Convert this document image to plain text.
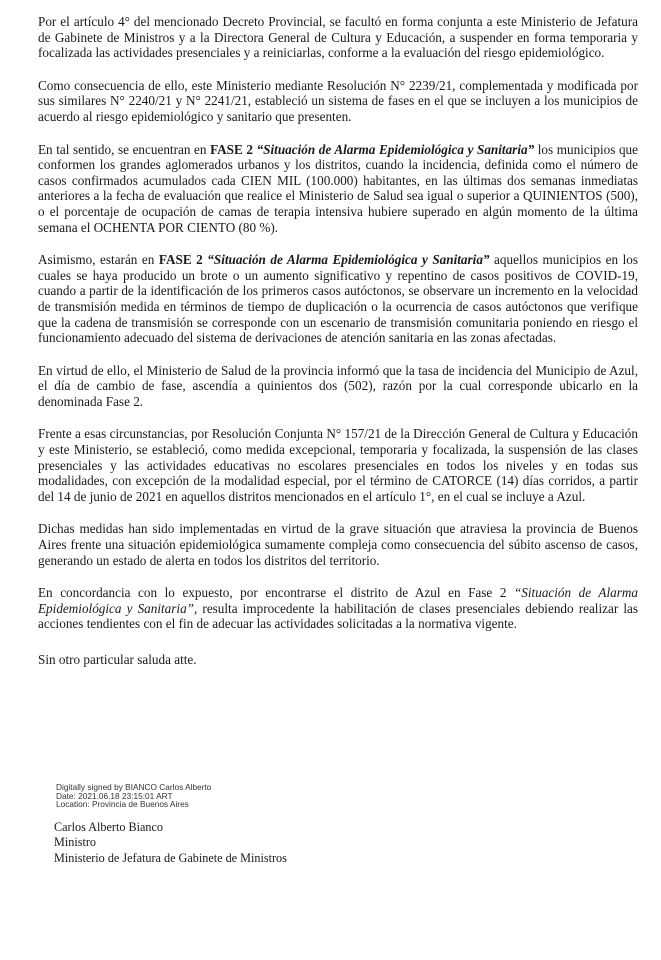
Por el artículo 4° del mencionado Decreto Provincial, se facultó en forma conjunta a este Ministerio de Jefatura de Gabinete de Ministros y a la Directora General de Cultura y Educación, a suspender en forma temporaria y focalizada las actividades presenciales y a reiniciarlas, conforme a la evaluación del riesgo epidemiológico.

Como consecuencia de ello, este Ministerio mediante Resolución N° 2239/21, complementada y modificada por sus similares N° 2240/21 y N° 2241/21, estableció un sistema de fases en el que se incluyen a los municipios de acuerdo al riesgo epidemiológico y sanitario que presenten.

En tal sentido, se encuentran en FASE 2 “Situación de Alarma Epidemiológica y Sanitaria” los municipios que conformen los grandes aglomerados urbanos y los distritos, cuando la incidencia, definida como el número de casos confirmados acumulados cada CIEN MIL (100.000) habitantes, en las últimas dos semanas inmediatas anteriores a la fecha de evaluación que realice el Ministerio de Salud sea igual o superior a QUINIENTOS (500), o el porcentaje de ocupación de camas de terapia intensiva hubiere superado en algún momento de la última semana el OCHENTA POR CIENTO (80 %).

Asimismo, estarán en FASE 2 “Situación de Alarma Epidemiológica y Sanitaria” aquellos municipios en los cuales se haya producido un brote o un aumento significativo y repentino de casos positivos de COVID-19, cuando a partir de la identificación de los primeros casos autóctonos, se observare un incremento en la velocidad de transmisión medida en términos de tiempo de duplicación o la ocurrencia de casos autóctonos que verifique que la cadena de transmisión se corresponde con un escenario de transmisión comunitaria poniendo en riesgo el funcionamiento adecuado del sistema de derivaciones de atención sanitaria en las zonas afectadas.

En virtud de ello, el Ministerio de Salud de la provincia informó que la tasa de incidencia del Municipio de Azul, el día de cambio de fase, ascendía a quinientos dos (502), razón por la cual corresponde ubicarlo en la denominada Fase 2.

Frente a esas circunstancias, por Resolución Conjunta N° 157/21 de la Dirección General de Cultura y Educación y este Ministerio, se estableció, como medida excepcional, temporaria y focalizada, la suspensión de las clases presenciales y las actividades educativas no escolares presenciales en todos los niveles y en todas sus modalidades, con excepción de la modalidad especial, por el término de CATORCE (14) días corridos, a partir del 14 de junio de 2021 en aquellos distritos mencionados en el artículo 1°, en el cual se incluye a Azul.

Dichas medidas han sido implementadas en virtud de la grave situación que atraviesa la provincia de Buenos Aires frente una situación epidemiológica sumamente compleja como consecuencia del súbito ascenso de casos, generando un estado de alerta en todos los distritos del territorio.

En concordancia con lo expuesto, por encontrarse el distrito de Azul en Fase 2 “Situación de Alarma Epidemiológica y Sanitaria”, resulta improcedente la habilitación de clases presenciales debiendo realizar las acciones tendientes con el fin de adecuar las actividades solicitadas a la normativa vigente.

Sin otro particular saluda atte.

Digitally signed by BIANCO Carlos Alberto
Date: 2021.06.18 23:15:01 ART
Location: Provincia de Buenos Aires
Carlos Alberto Bianco
Ministro
Ministerio de Jefatura de Gabinete de Ministros
